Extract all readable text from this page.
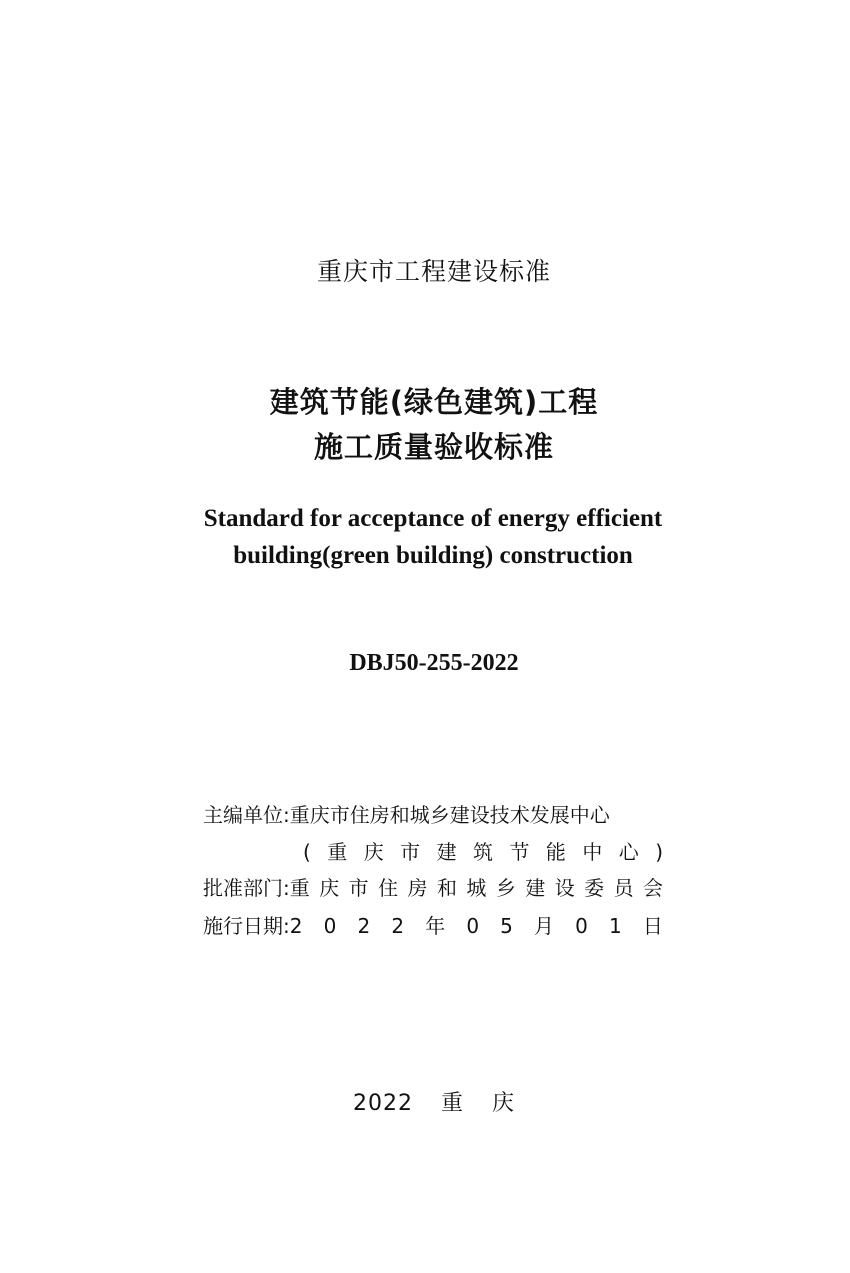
重庆市工程建设标准
建筑节能(绿色建筑)工程
施工质量验收标准
Standard for acceptance of energy efficient
building(green building) construction
DBJ50-255-2022
主编单位: 重庆市住房和城乡建设技术发展中心
( 重 庆 市 建 筑 节 能 中 心 )
批准部门: 重 庆 市 住 房 和 城 乡 建 设 委 员 会
施行日期: 2 0 2 2 年 0 5 月 0 1 日
2022 重 庆
